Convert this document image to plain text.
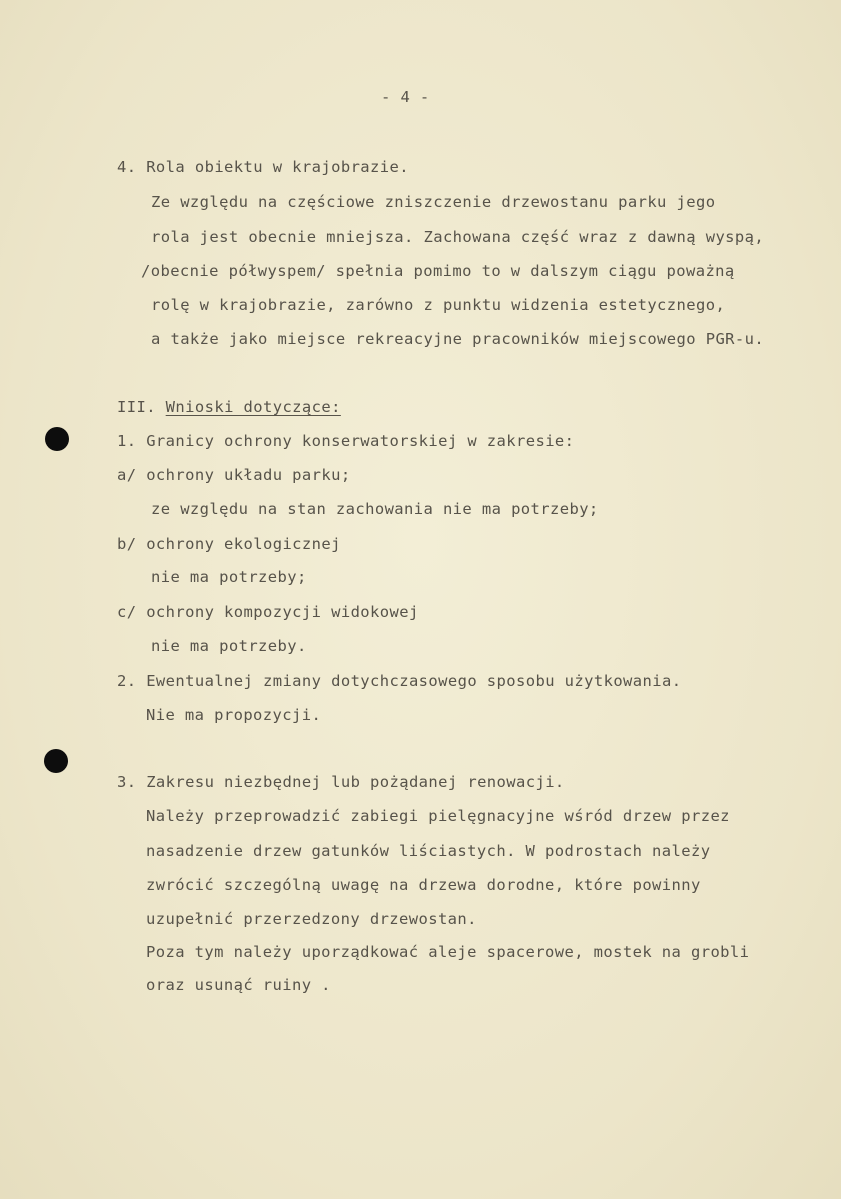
- 4 -
4. Rola obiektu w krajobrazie.
Ze względu na częściowe zniszczenie drzewostanu parku jego
rola jest obecnie mniejsza. Zachowana część wraz z dawną wyspą,
/obecnie półwyspem/ spełnia pomimo to w dalszym ciągu poważną
rolę w krajobrazie, zarówno z punktu widzenia estetycznego,
a także jako miejsce rekreacyjne pracowników miejscowego PGR-u.
III. Wnioski dotyczące:
1. Granicy ochrony konserwatorskiej w zakresie:
a/ ochrony układu parku;
ze względu na stan zachowania nie ma potrzeby;
b/ ochrony ekologicznej
nie ma potrzeby;
c/ ochrony kompozycji widokowej
nie ma potrzeby.
2. Ewentualnej zmiany dotychczasowego sposobu użytkowania.
Nie ma propozycji.
3. Zakresu niezbędnej lub pożądanej renowacji.
Należy przeprowadzić zabiegi pielęgnacyjne wśród drzew przez
nasadzenie drzew gatunków liściastych. W podrostach należy
zwrócić szczególną uwagę na drzewa dorodne, które powinny
uzupełnić przerzedzony drzewostan.
Poza tym należy uporządkować aleje spacerowe, mostek na grobli
oraz usunąć ruiny .
